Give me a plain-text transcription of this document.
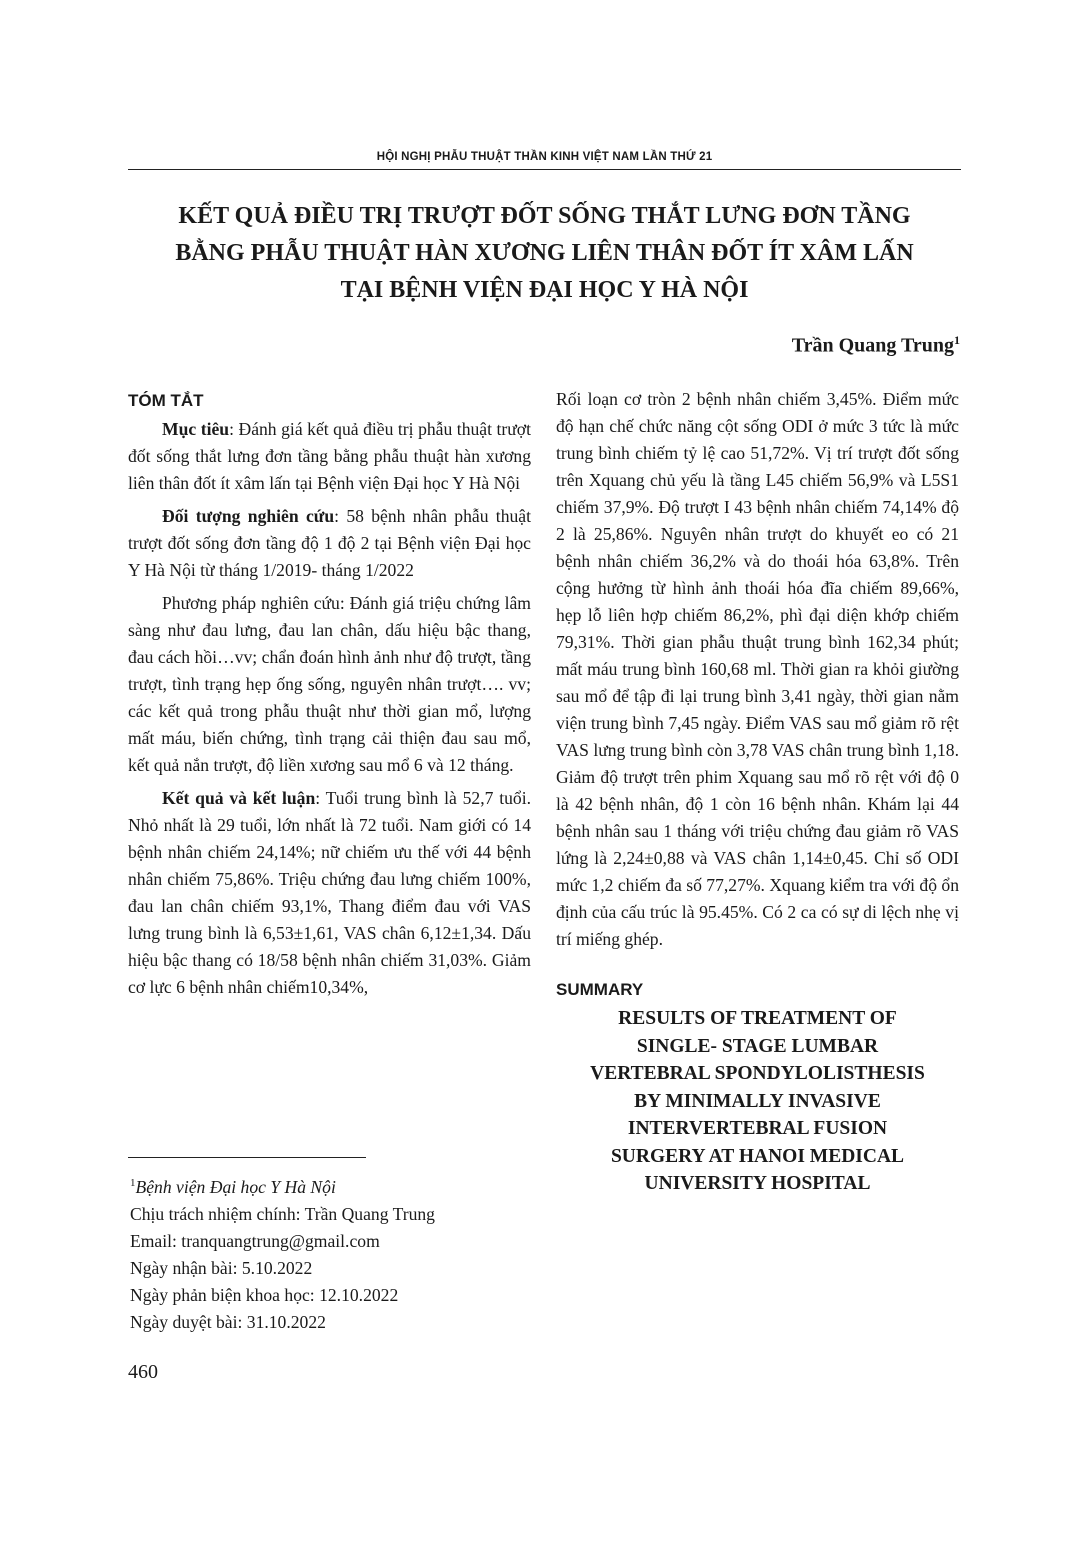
HỘI NGHỊ PHẪU THUẬT THẦN KINH VIỆT NAM LẦN THỨ 21
KẾT QUẢ ĐIỀU TRỊ TRƯỢT ĐỐT SỐNG THẮT LƯNG ĐƠN TẦNG
BẰNG PHẪU THUẬT HÀN XƯƠNG LIÊN THÂN ĐỐT ÍT XÂM LẤN
TẠI BỆNH VIỆN ĐẠI HỌC Y HÀ NỘI
Trần Quang Trung$^1$
TÓM TẮT

Mục tiêu: Đánh giá kết quả điều trị phẫu thuật trượt đốt sống thắt lưng đơn tầng bằng phẫu thuật hàn xương liên thân đốt ít xâm lấn tại Bệnh viện Đại học Y Hà Nội

Đối tượng nghiên cứu: 58 bệnh nhân phẫu thuật trượt đốt sống đơn tầng độ 1 độ 2 tại Bệnh viện Đại học Y Hà Nội từ tháng 1/2019- tháng 1/2022

Phương pháp nghiên cứu: Đánh giá triệu chứng lâm sàng như đau lưng, đau lan chân, dấu hiệu bậc thang, đau cách hồi…vv; chẩn đoán hình ảnh như độ trượt, tầng trượt, tình trạng hẹp ống sống, nguyên nhân trượt…. vv; các kết quả trong phẫu thuật như thời gian mổ, lượng mất máu, biến chứng, tình trạng cải thiện đau sau mổ, kết quả nắn trượt, độ liền xương sau mổ 6 và 12 tháng.

Kết quả và kết luận: Tuổi trung bình là 52,7 tuổi. Nhỏ nhất là 29 tuổi, lớn nhất là 72 tuổi. Nam giới có 14 bệnh nhân chiếm 24,14%; nữ chiếm ưu thế với 44 bệnh nhân chiếm 75,86%. Triệu chứng đau lưng chiếm 100%, đau lan chân chiếm 93,1%, Thang điểm đau với VAS lưng trung bình là 6,53±1,61, VAS chân 6,12±1,34. Dấu hiệu bậc thang có 18/58 bệnh nhân chiếm 31,03%. Giảm cơ lực 6 bệnh nhân chiếm10,34%,

Rối loạn cơ tròn 2 bệnh nhân chiếm 3,45%. Điểm mức độ hạn chế chức năng cột sống ODI ở mức 3 tức là mức trung bình chiếm tỷ lệ cao 51,72%. Vị trí trượt đốt sống trên Xquang chủ yếu là tầng L45 chiếm 56,9% và L5S1 chiếm 37,9%. Độ trượt I 43 bệnh nhân chiếm 74,14% độ 2 là 25,86%. Nguyên nhân trượt do khuyết eo có 21 bệnh nhân chiếm 36,2% và do thoái hóa 63,8%. Trên cộng hưởng từ hình ảnh thoái hóa đĩa chiếm 89,66%, hẹp lỗ liên hợp chiếm 86,2%, phì đại diện khớp chiếm 79,31%. Thời gian phẫu thuật trung bình 162,34 phút; mất máu trung bình 160,68 ml. Thời gian ra khỏi giường sau mổ để tập đi lại trung bình 3,41 ngày, thời gian nằm viện trung bình 7,45 ngày. Điểm VAS sau mổ giảm rõ rệt VAS lưng trung bình còn 3,78 VAS chân trung bình 1,18. Giảm độ trượt trên phim Xquang sau mổ rõ rệt với độ 0 là 42 bệnh nhân, độ 1 còn 16 bệnh nhân. Khám lại 44 bệnh nhân sau 1 tháng với triệu chứng đau giảm rõ VAS lứng là 2,24±0,88 và VAS chân 1,14±0,45. Chỉ số ODI mức 1,2 chiếm đa số 77,27%. Xquang kiểm tra với độ ổn định của cấu trúc là 95.45%. Có 2 ca có sự di lệch nhẹ vị trí miếng ghép.

SUMMARY
RESULTS OF TREATMENT OF
SINGLE- STAGE LUMBAR
VERTEBRAL SPONDYLOLISTHESIS
BY MINIMALLY INVASIVE
INTERVERTEBRAL FUSION
SURGERY AT HANOI MEDICAL
UNIVERSITY HOSPITAL
$^1$Bệnh viện Đại học Y Hà Nội
Chịu trách nhiệm chính: Trần Quang Trung
Email: tranquangtrung@gmail.com
Ngày nhận bài: 5.10.2022
Ngày phản biện khoa học: 12.10.2022
Ngày duyệt bài: 31.10.2022
460
